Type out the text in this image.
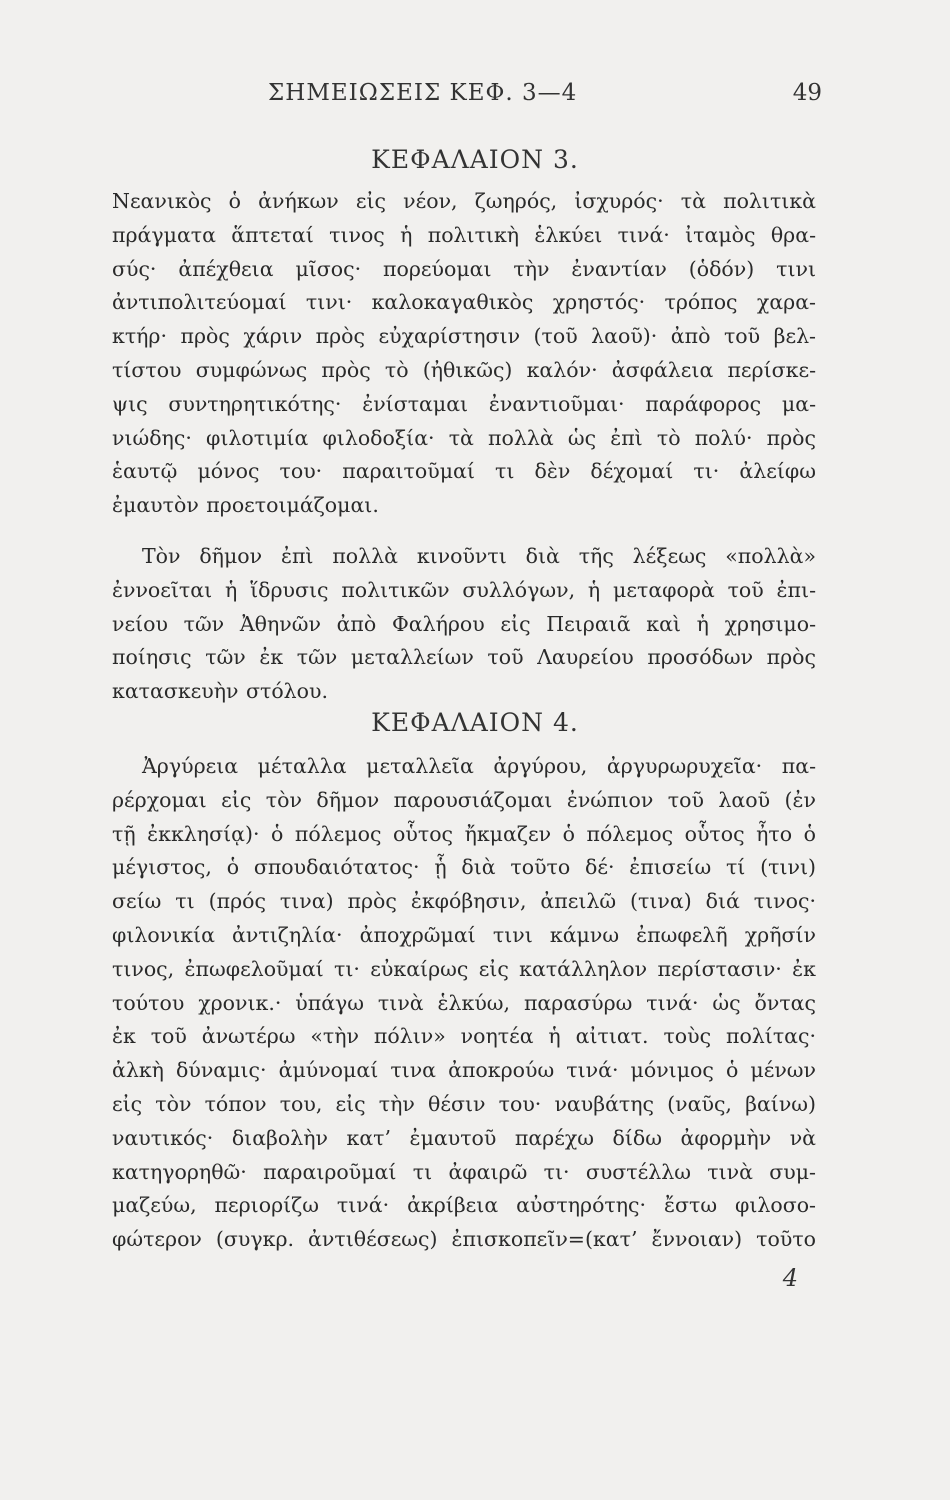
ΣΗΜΕΙΩΣΕΙΣ ΚΕΦ. 3—4	49
ΚΕΦΑΛΑΙΟΝ 3.
Νεανικὸς ὁ ἀνήκων εἰς νέον, ζωηρός, ἰσχυρός· τὰ πολιτικὰ
πράγματα ἅπτεταί τινος ἡ πολιτικὴ ἑλκύει τινά· ἰταμὸς θρα-
σύς· ἀπέχθεια μῖσος· πορεύομαι τὴν ἐναντίαν (ὁδόν) τινι
ἀντιπολιτεύομαί τινι· καλοκαγαθικὸς χρηστός· τρόπος χαρα-
κτήρ· πρὸς χάριν πρὸς εὐχαρίστησιν (τοῦ λαοῦ)· ἀπὸ τοῦ βελ-
τίστου συμφώνως πρὸς τὸ (ἠθικῶς) καλόν· ἀσφάλεια περίσκε-
ψις συντηρητικότης· ἐνίσταμαι ἐναντιοῦμαι· παράφορος μα-
νιώδης· φιλοτιμία φιλοδοξία· τὰ πολλὰ ὡς ἐπὶ τὸ πολύ· πρὸς
ἑαυτῷ μόνος του· παραιτοῦμαί τι δὲν δέχομαί τι· ἀλείφω
ἐμαυτὸν προετοιμάζομαι.
Τὸν δῆμον ἐπὶ πολλὰ κινοῦντι διὰ τῆς λέξεως «πολλὰ»
ἐννοεῖται ἡ ἵδρυσις πολιτικῶν συλλόγων, ἡ μεταφορὰ τοῦ ἐπι-
νείου τῶν Ἀθηνῶν ἀπὸ Φαλήρου εἰς Πειραιᾶ καὶ ἡ χρησιμο-
ποίησις τῶν ἐκ τῶν μεταλλείων τοῦ Λαυρείου προσόδων πρὸς
κατασκευὴν στόλου.
ΚΕΦΑΛΑΙΟΝ 4.
Ἀργύρεια μέταλλα μεταλλεῖα ἀργύρου, ἀργυρωρυχεῖα· πα-
ρέρχομαι εἰς τὸν δῆμον παρουσιάζομαι ἐνώπιον τοῦ λαοῦ (ἐν
τῇ ἐκκλησίᾳ)· ὁ πόλεμος οὗτος ἤκμαζεν ὁ πόλεμος οὗτος ἦτο ὁ
μέγιστος, ὁ σπουδαιότατος· ᾗ διὰ τοῦτο δέ· ἐπισείω τί (τινι)
σείω τι (πρός τινα) πρὸς ἐκφόβησιν, ἀπειλῶ (τινα) διά τινος·
φιλονικία ἀντιζηλία· ἀποχρῶμαί τινι κάμνω ἐπωφελῆ χρῆσίν
τινος, ἐπωφελοῦμαί τι· εὐκαίρως εἰς κατάλληλον περίστασιν· ἐκ
τούτου χρονικ.· ὑπάγω τινὰ ἑλκύω, παρασύρω τινά· ὡς ὄντας
ἐκ τοῦ ἀνωτέρω «τὴν πόλιν» νοητέα ἡ αἰτιατ. τοὺς πολίτας·
ἀλκὴ δύναμις· ἀμύνομαί τινα ἀποκρούω τινά· μόνιμος ὁ μένων
εἰς τὸν τόπον του, εἰς τὴν θέσιν του· ναυβάτης (ναῦς, βαίνω)
ναυτικός· διαβολὴν κατ’ ἐμαυτοῦ παρέχω δίδω ἀφορμὴν νὰ
κατηγορηθῶ· παραιροῦμαί τι ἀφαιρῶ τι· συστέλλω τινὰ συμ-
μαζεύω, περιορίζω τινά· ἀκρίβεια αὐστηρότης· ἔστω φιλοσο-
φώτερον (συγκρ. ἀντιθέσεως) ἐπισκοπεῖν=(κατ’ ἔννοιαν) τοῦτο
4
